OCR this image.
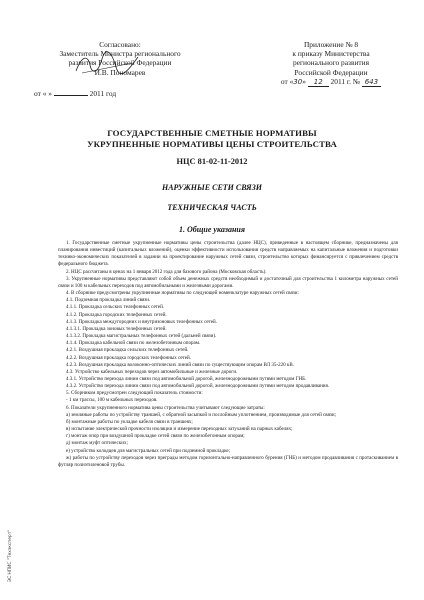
Согласовано:
Заместитель Министра регионального
развития Российской Федерации
И.В. Пономарев
от « »	2011 год
Приложение № 8
к приказу Министерства
регионального развития
Российской Федерации
от «30» 12 2011 г. № 643
ГОСУДАРСТВЕННЫЕ СМЕТНЫЕ НОРМАТИВЫ
УКРУПНЕННЫЕ НОРМАТИВЫ ЦЕНЫ СТРОИТЕЛЬСТВА
НЦС 81-02-11-2012
НАРУЖНЫЕ СЕТИ СВЯЗИ
ТЕХНИЧЕСКАЯ ЧАСТЬ
1. Общие указания

1. Государственные сметные укрупненные нормативы цены строительства (далее НЦС), приведенные в настоящем сборнике, предназначены для планирования инвестиций (капитальных вложений), оценки эффективности использования средств направляемых на капитальные вложения и подготовки технико-экономических показателей в задании на проектирование наружных сетей связи, строительство которых финансируется с привлечением средств федерального бюджета.

2. НЦС рассчитаны в ценах на 1 января 2012 года для базового района (Московская область).

3. Укрупненные нормативы представляют собой объем денежных средств необходимый и достаточный для строительства 1 километра наружных сетей связи и 100 м кабельных переходов под автомобильными и железными дорогами.

4. В сборнике предусмотрены укрупненные нормативы по следующей номенклатуре наружных сетей связи:

4.1. Подземная прокладка линий связи.

4.1.1. Прокладка сельских телефонных сетей.

4.1.2. Прокладка городских телефонных сетей.

4.1.3. Прокладка междугородних и внутризоновых телефонных сетей.

4.1.3.1. Прокладка зоновых телефонных сетей.

4.1.3.2. Прокладка магистральных телефонных сетей (дальней связи).

4.1.4. Прокладка кабельной связи по железобетонным опорам.

4.2.1. Воздушная прокладка сельских телефонных сетей.

4.2.2. Воздушная прокладка городских телефонных сетей.

4.2.3. Воздушная прокладка волоконно-оптических линий связи по существующим опорам ВЛ 35-220 кВ.

4.3. Устройство кабельных переходов через автомобильные и железные дороги.

4.3.1. Устройство перехода линии связи под автомобильной дорогой, железнодорожными путями методом ГНБ.

4.3.2. Устройство перехода линии связи под автомобильной дорогой, железнодорожными путями методом продавливания.

5. Сборником предусмотрен следующий показатель стоимости:

- 1 км трассы, 100 м кабельных переходов.

6. Показатели укрупненного норматива цены строительства учитывают следующие затраты:

а) земляные работы по устройству траншей, с обратной засыпкой и послойным уплотнением, производимые для сетей связи;

б) монтажные работы по укладке кабеля связи в траншеях;

в) испытание электрической прочности изоляции и измерение переходных затуханий на парных кабелях;

г) монтаж опор при воздушной прокладке сетей связи по железобетонным опорам;

д) монтаж муфт оптических;

е) устройство колодцев для магистральных сетей при подземной прокладке;

ж) работы по устройству переходов через преграды методом горизонтально-направленного бурения (ГНБ) и методом продавливания с протаскиванием в футляр полиэтиленовой трубы.

ЭС НПИС "Техэксперт"
